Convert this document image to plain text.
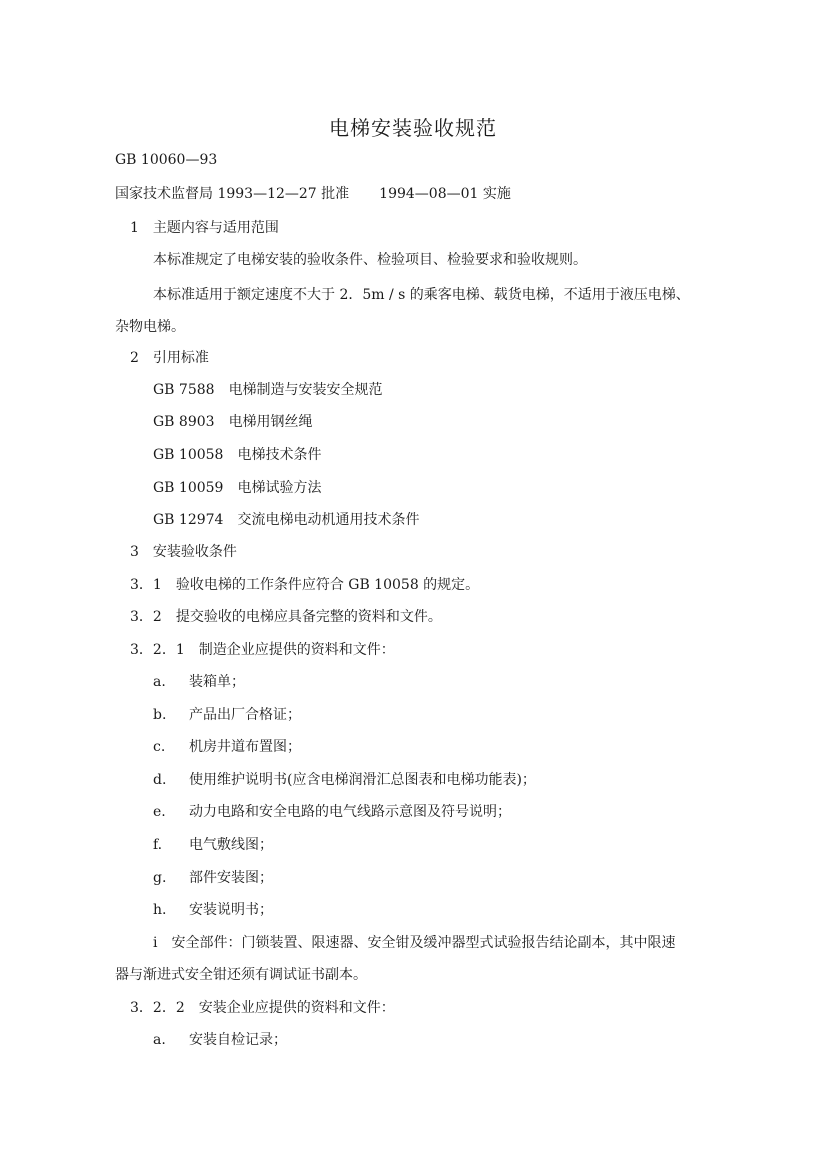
电梯安装验收规范
GB 10060—93
国家技术监督局 1993—12—27 批准 1994—08—01 实施
1　主题内容与适用范围
本标准规定了电梯安装的验收条件、检验项目、检验要求和验收规则。
本标准适用于额定速度不大于 2．5m / s 的乘客电梯、载货电梯，不适用于液压电梯、
杂物电梯。
2　引用标准
GB 7588 电梯制造与安装安全规范
GB 8903 电梯用钢丝绳
GB 10058 电梯技术条件
GB 10059 电梯试验方法
GB 12974 交流电梯电动机通用技术条件
3　安装验收条件
3．1　验收电梯的工作条件应符合 GB 10058 的规定。
3．2　提交验收的电梯应具备完整的资料和文件。
3．2．1　制造企业应提供的资料和文件：
a. 装箱单；
b. 产品出厂合格证；
c. 机房井道布置图；
d. 使用维护说明书(应含电梯润滑汇总图表和电梯功能表)；
e. 动力电路和安全电路的电气线路示意图及符号说明；
f. 电气敷线图；
g. 部件安装图；
h. 安装说明书；
i　安全部件：门锁装置、限速器、安全钳及缓冲器型式试验报告结论副本，其中限速
器与渐进式安全钳还须有调试证书副本。
3．2．2　安装企业应提供的资料和文件：
a. 安装自检记录；
